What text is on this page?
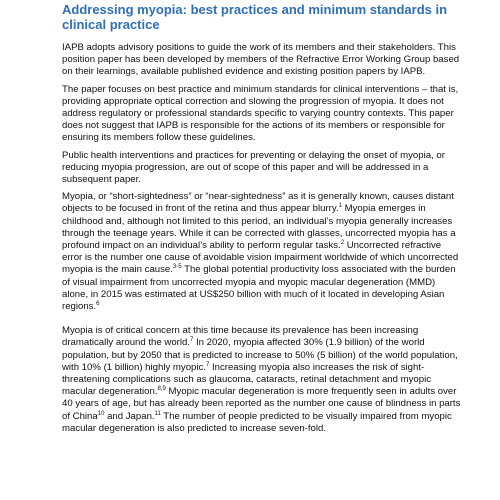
Addressing myopia: best practices and minimum standards in clinical practice

IAPB adopts advisory positions to guide the work of its members and their stakeholders. This position paper has been developed by members of the Refractive Error Working Group based on their learnings, available published evidence and existing position papers by IAPB.

The paper focuses on best practice and minimum standards for clinical interventions – that is, providing appropriate optical correction and slowing the progression of myopia. It does not address regulatory or professional standards specific to varying country contexts. This paper does not suggest that IAPB is responsible for the actions of its members or responsible for ensuring its members follow these guidelines.

Public health interventions and practices for preventing or delaying the onset of myopia, or reducing myopia progression, are out of scope of this paper and will be addressed in a subsequent paper.

Myopia, or “short-sightedness” or “near-sightedness” as it is generally known, causes distant objects to be focused in front of the retina and thus appear blurry.$^1$ Myopia emerges in childhood and, although not limited to this period, an individual’s myopia generally increases through the teenage years. While it can be corrected with glasses, uncorrected myopia has a profound impact on an individual’s ability to perform regular tasks.$^2$ Uncorrected refractive error is the number one cause of avoidable vision impairment worldwide of which uncorrected myopia is the main cause.$^{3-5}$ The global potential productivity loss associated with the burden of visual impairment from uncorrected myopia and myopic macular degeneration (MMD) alone, in 2015 was estimated at US$250 billion with much of it located in developing Asian regions.$^6$

Myopia is of critical concern at this time because its prevalence has been increasing dramatically around the world.$^7$ In 2020, myopia affected 30% (1.9 billion) of the world population, but by 2050 that is predicted to increase to 50% (5 billion) of the world population, with 10% (1 billion) highly myopic.$^7$ Increasing myopia also increases the risk of sight-threatening complications such as glaucoma, cataracts, retinal detachment and myopic macular degeneration.$^{8,9}$ Myopic macular degeneration is more frequently seen in adults over 40 years of age, but has already been reported as the number one cause of blindness in parts of China$^{10}$ and Japan.$^{11}$ The number of people predicted to be visually impaired from myopic macular degeneration is also predicted to increase seven-fold.
